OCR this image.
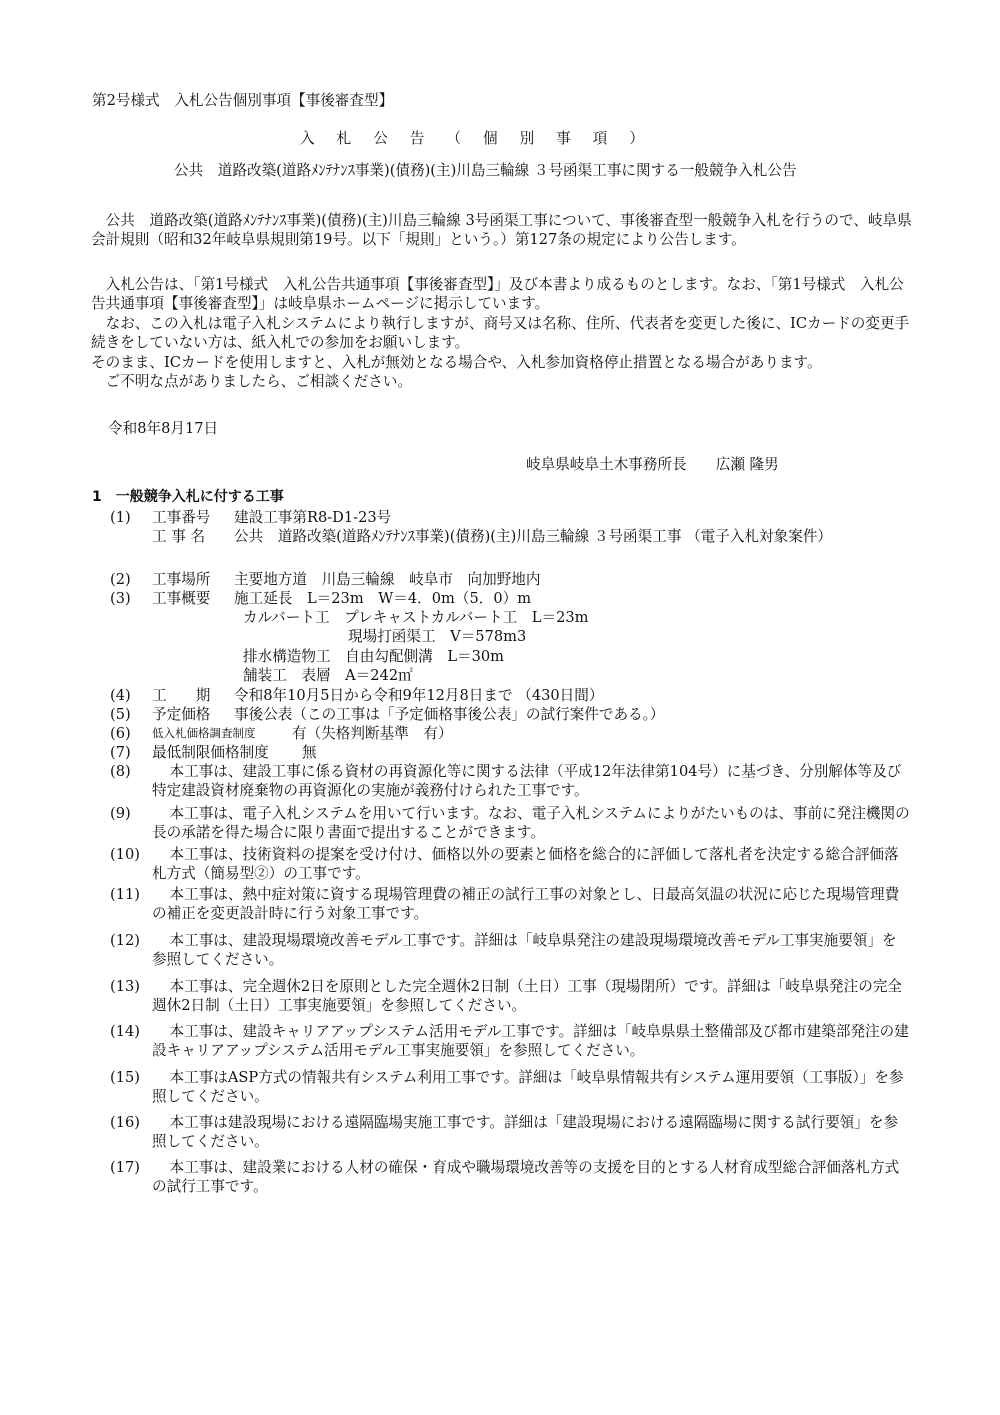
第2号様式　入札公告個別事項【事後審査型】
入札公告（個別事項）
公共　道路改築(道路ﾒﾝﾃﾅﾝｽ事業)(債務)(主)川島三輪線 ３号函渠工事に関する一般競争入札公告
　公共　道路改築(道路ﾒﾝﾃﾅﾝｽ事業)(債務)(主)川島三輪線 3号函渠工事について、事後審査型一般競争入札を行うので、岐阜県会計規則（昭和32年岐阜県規則第19号。以下「規則」という。）第127条の規定により公告します。
　入札公告は、「第1号様式　入札公告共通事項【事後審査型】」及び本書より成るものとします。なお、「第1号様式　入札公告共通事項【事後審査型】」は岐阜県ホームページに掲示しています。
　なお、この入札は電子入札システムにより執行しますが、商号又は名称、住所、代表者を変更した後に、ICカードの変更手続きをしていない方は、紙入札での参加をお願いします。
そのまま、ICカードを使用しますと、入札が無効となる場合や、入札参加資格停止措置となる場合があります。
　ご不明な点がありましたら、ご相談ください。
令和8年8月17日
岐阜県岐阜土木事務所長　　広瀬 隆男
1　一般競争入札に付する工事
(1)	工事番号	建設工事第R8-D1-23号
工 事 名	公共　道路改築(道路ﾒﾝﾃﾅﾝｽ事業)(債務)(主)川島三輪線 ３号函渠工事 （電子入札対象案件）
(2)	工事場所	主要地方道　川島三輪線　岐阜市　向加野地内
(3)	工事概要	施工延長　L＝23m　W＝4．0m（5．0）m
カルバート工　プレキャストカルバート工　L＝23m
現場打函渠工　V＝578m3
排水構造物工　自由勾配側溝　L＝30m
舗装工　表層　A＝242㎡
(4)	工　　期	令和8年10月5日から令和9年12月8日まで （430日間）
(5)	予定価格	事後公表（この工事は「予定価格事後公表」の試行案件である。）
(6)	低入札価格調査制度	有（失格判断基準　有）
(7)	最低制限価格制度	無
(8)	本工事は、建設工事に係る資材の再資源化等に関する法律（平成12年法律第104号）に基づき、分別解体等及び特定建設資材廃棄物の再資源化の実施が義務付けられた工事です。
(9)	本工事は、電子入札システムを用いて行います。なお、電子入札システムによりがたいものは、事前に発注機関の長の承諾を得た場合に限り書面で提出することができます。
(10)	本工事は、技術資料の提案を受け付け、価格以外の要素と価格を総合的に評価して落札者を決定する総合評価落札方式（簡易型②）の工事です。
(11)	本工事は、熱中症対策に資する現場管理費の補正の試行工事の対象とし、日最高気温の状況に応じた現場管理費の補正を変更設計時に行う対象工事です。
(12)	本工事は、建設現場環境改善モデル工事です。詳細は「岐阜県発注の建設現場環境改善モデル工事実施要領」を参照してください。
(13)	本工事は、完全週休2日を原則とした完全週休2日制（土日）工事（現場閉所）です。詳細は「岐阜県発注の完全週休2日制（土日）工事実施要領」を参照してください。
(14)	本工事は、建設キャリアアップシステム活用モデル工事です。詳細は「岐阜県県土整備部及び都市建築部発注の建設キャリアアップシステム活用モデル工事実施要領」を参照してください。
(15)	本工事はASP方式の情報共有システム利用工事です。詳細は「岐阜県情報共有システム運用要領（工事版）」を参照してください。
(16)	本工事は建設現場における遠隔臨場実施工事です。詳細は「建設現場における遠隔臨場に関する試行要領」を参照してください。
(17)	本工事は、建設業における人材の確保・育成や職場環境改善等の支援を目的とする人材育成型総合評価落札方式の試行工事です。
